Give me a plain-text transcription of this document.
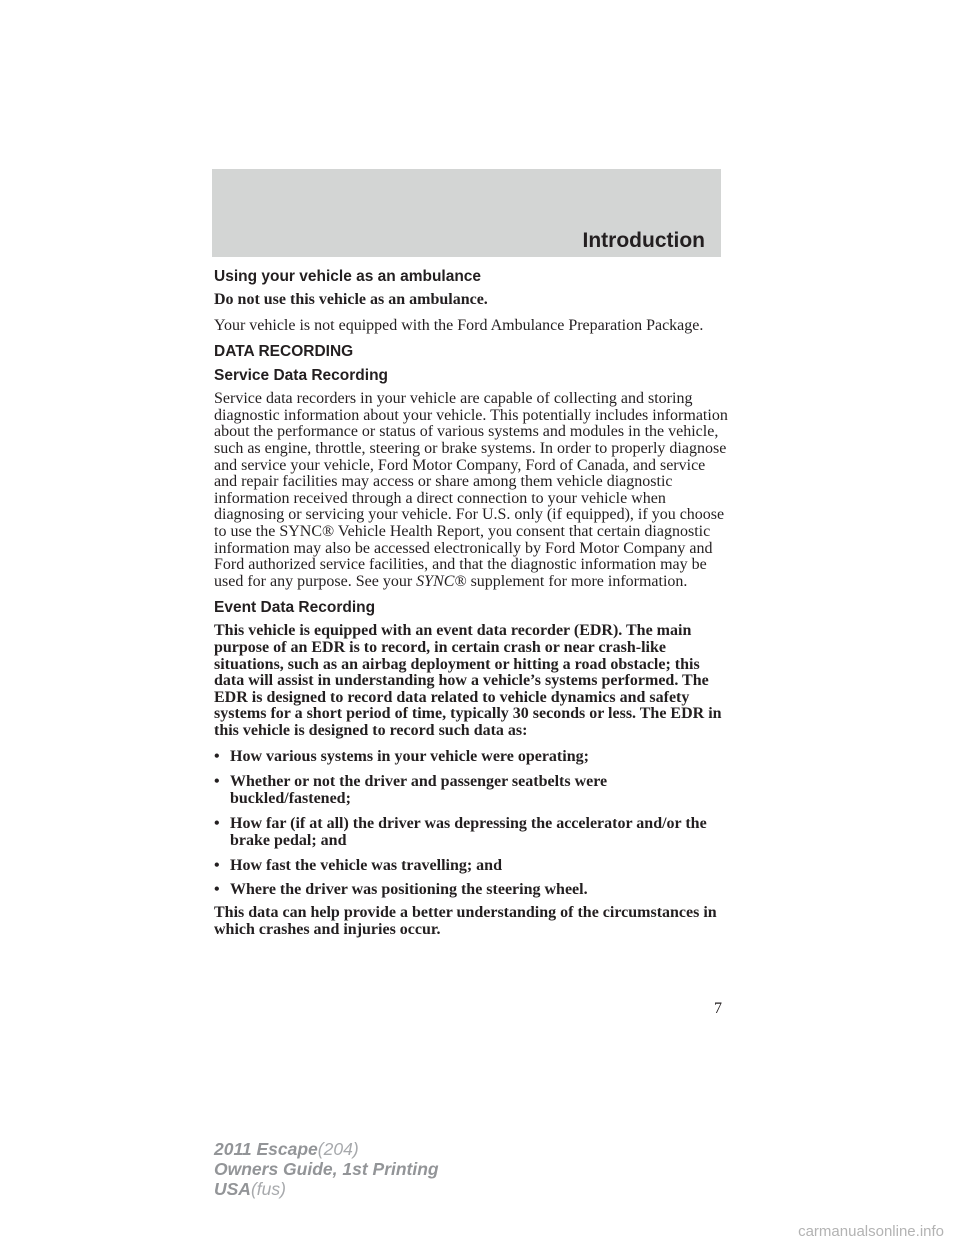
Introduction
Using your vehicle as an ambulance

Do not use this vehicle as an ambulance.

Your vehicle is not equipped with the Ford Ambulance Preparation Package.

DATA RECORDING
Service Data Recording

Service data recorders in your vehicle are capable of collecting and storing diagnostic information about your vehicle. This potentially includes information about the performance or status of various systems and modules in the vehicle, such as engine, throttle, steering or brake systems. In order to properly diagnose and service your vehicle, Ford Motor Company, Ford of Canada, and service and repair facilities may access or share among them vehicle diagnostic information received through a direct connection to your vehicle when diagnosing or servicing your vehicle. For U.S. only (if equipped), if you choose to use the SYNC® Vehicle Health Report, you consent that certain diagnostic information may also be accessed electronically by Ford Motor Company and Ford authorized service facilities, and that the diagnostic information may be used for any purpose. See your SYNC® supplement for more information.

Event Data Recording

This vehicle is equipped with an event data recorder (EDR). The main purpose of an EDR is to record, in certain crash or near crash-like situations, such as an airbag deployment or hitting a road obstacle; this data will assist in understanding how a vehicle’s systems performed. The EDR is designed to record data related to vehicle dynamics and safety systems for a short period of time, typically 30 seconds or less. The EDR in this vehicle is designed to record such data as:

• How various systems in your vehicle were operating;
• Whether or not the driver and passenger seatbelts were buckled/fastened;
• How far (if at all) the driver was depressing the accelerator and/or the brake pedal; and
• How fast the vehicle was travelling; and
• Where the driver was positioning the steering wheel.

This data can help provide a better understanding of the circumstances in which crashes and injuries occur.

7
2011 Escape(204)
Owners Guide, 1st Printing
USA(fus)
carmanualsonline.info
